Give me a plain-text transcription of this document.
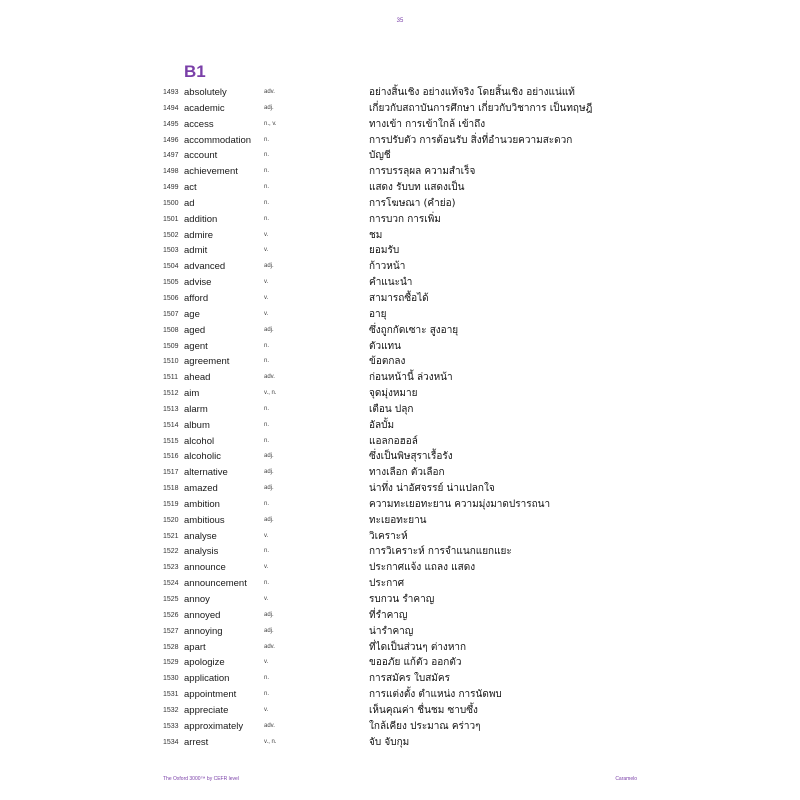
35
B1
1493 absolutely	adv.	อย่างสิ้นเชิง อย่างแท้จริง โดยสิ้นเชิง อย่างแน่แท้
1494 academic	adj.	เกี่ยวกับสถาบันการศึกษา เกี่ยวกับวิชาการ เป็นทฤษฎี
1495 access	n., v.	ทางเข้า การเข้าใกล้ เข้าถึง
1496 accommodation n.	การปรับตัว การต้อนรับ สิ่งที่อำนวยความสะดวก
1497 account	n.	บัญชี
1498 achievement	n.	การบรรลุผล ความสำเร็จ
1499 act	n.	แสดง รับบท แสดงเป็น
1500 ad	n.	การโฆษณา (คำย่อ)
1501 addition	n.	การบวก การเพิ่ม
1502 admire	v.	ชม
1503 admit	v.	ยอมรับ
1504 advanced	adj.	ก้าวหน้า
1505 advise	v.	คำแนะนำ
1506 afford	v.	สามารถซื้อได้
1507 age	v.	อายุ
1508 aged	adj.	ซึ่งถูกกัดเซาะ สูงอายุ
1509 agent	n.	ตัวแทน
1510 agreement	n.	ข้อตกลง
1511 ahead	adv.	ก่อนหน้านี้ ล่วงหน้า
1512 aim	v., n.	จุดมุ่งหมาย
1513 alarm	n.	เตือน ปลุก
1514 album	n.	อัลบั้ม
1515 alcohol	n.	แอลกอฮอล์
1516 alcoholic	adj.	ซึ่งเป็นพิษสุราเรื้อรัง
1517 alternative	adj.	ทางเลือก ตัวเลือก
1518 amazed	adj.	น่าทึ่ง น่าอัศจรรย์ น่าแปลกใจ
1519 ambition	n.	ความทะเยอทะยาน ความมุ่งมาดปรารถนา
1520 ambitious	adj.	ทะเยอทะยาน
1521 analyse	v.	วิเคราะห์
1522 analysis	n.	การวิเคราะห์ การจำแนกแยกแยะ
1523 announce	v.	ประกาศแจ้ง แถลง แสดง
1524 announcement	n.	ประกาศ
1525 annoy	v.	รบกวน รำคาญ
1526 annoyed	adj.	ที่รำคาญ
1527 annoying	adj.	น่ารำคาญ
1528 apart	adv.	ที่ไดเป็นส่วนๆ ต่างหาก
1529 apologize	v.	ขออภัย แก้ตัว ออกตัว
1530 application	n.	การสมัคร ใบสมัคร
1531 appointment	n.	การแต่งตั้ง ตำแหน่ง การนัดพบ
1532 appreciate	v.	เห็นคุณค่า ชื่นชม ซาบซึ้ง
1533 approximately	adv.	ใกล้เคียง ประมาณ คร่าวๆ
1534 arrest	v., n.	จับ จับกุม
The Oxford 3000™ by CEFR level	Caramelo
